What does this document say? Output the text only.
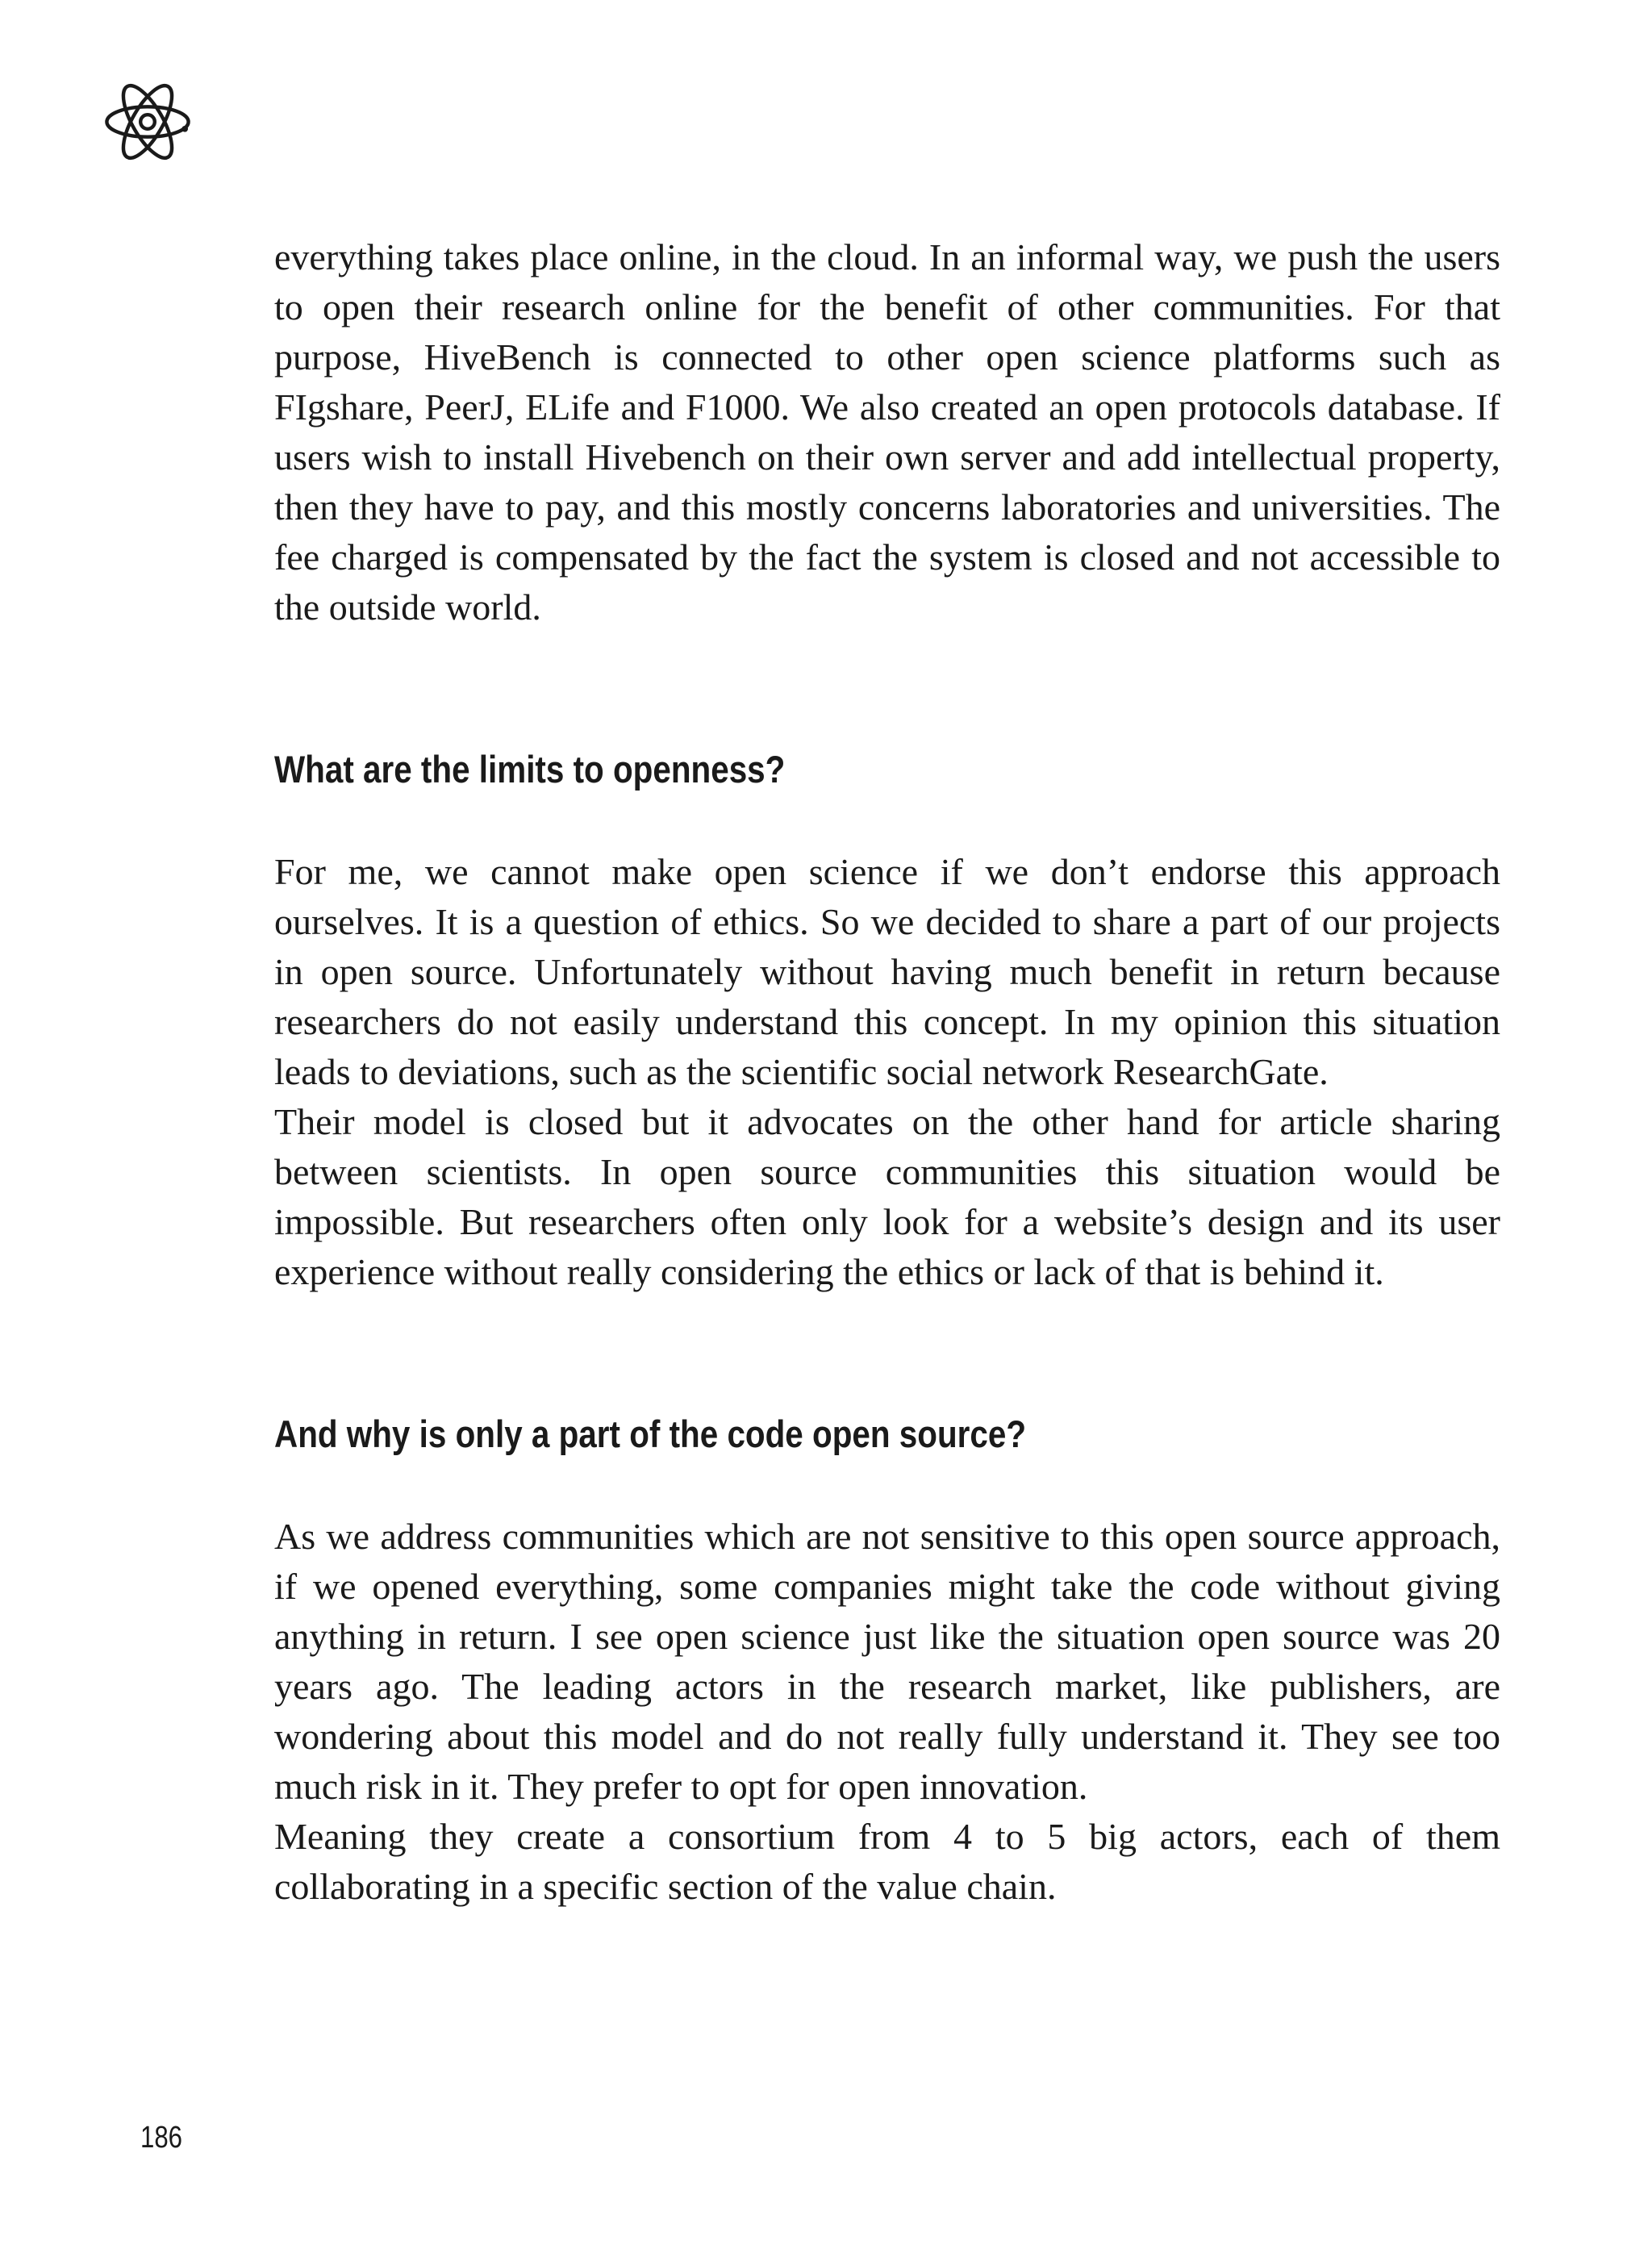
everything takes place online, in the cloud. In an informal way, we push the users to open their research online for the benefit of other communities. For that purpose, HiveBench is connected to other open science platforms such as FIgshare, PeerJ, ELife and F1000. We also created an open protocols database. If users wish to install Hivebench on their own server and add intellectual property, then they have to pay, and this mostly concerns laboratories and universities. The fee charged is compensated by the fact the system is closed and not accessible to the outside world.

What are the limits to openness?

For me, we cannot make open science if we don’t endorse this approach ourselves. It is a question of ethics. So we decided to share a part of our projects in open source. Unfortunately without having much benefit in return because researchers do not easily understand this concept. In my opinion this situation leads to deviations, such as the scientific social network ResearchGate.

Their model is closed but it advocates on the other hand for article sharing between scientists. In open source communities this situation would be impossible. But researchers often only look for a website’s design and its user experience without really considering the ethics or lack of that is behind it.

And why is only a part of the code open source?

As we address communities which are not sensitive to this open source approach, if we opened everything, some companies might take the code without giving anything in return. I see open science just like the situation open source was 20 years ago. The leading actors in the research market, like publishers, are wondering about this model and do not really fully understand it. They see too much risk in it. They prefer to opt for open innovation.

Meaning they create a consortium from 4 to 5 big actors, each of them collaborating in a specific section of the value chain.

186
